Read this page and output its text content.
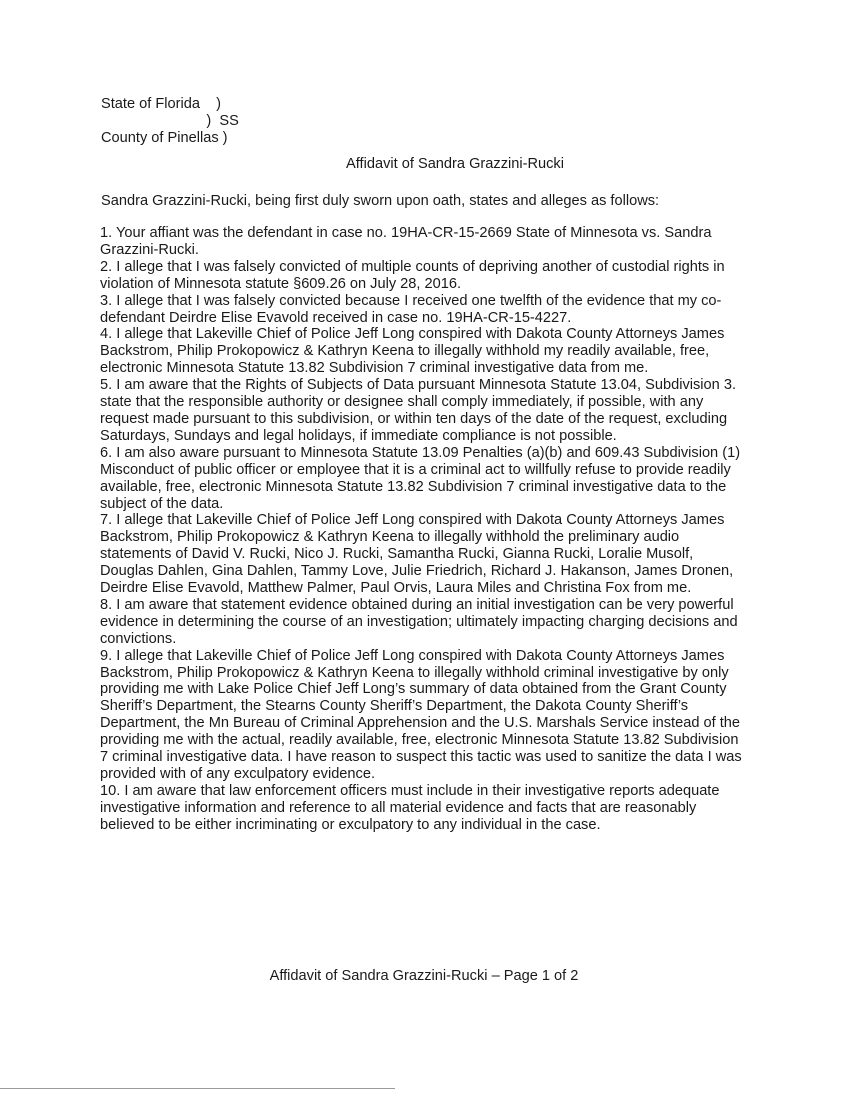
State of Florida    )
)  SS
County of Pinellas )
Affidavit of Sandra Grazzini-Rucki
Sandra Grazzini-Rucki, being first duly sworn upon oath, states and alleges as follows:

1. Your affiant was the defendant in case no. 19HA-CR-15-2669 State of Minnesota vs. Sandra Grazzini-Rucki.

2. I allege that I was falsely convicted of multiple counts of depriving another of custodial rights in violation of Minnesota statute §609.26 on July 28, 2016.

3. I allege that I was falsely convicted because I received one twelfth of the evidence that my co-defendant Deirdre Elise Evavold received in case no. 19HA-CR-15-4227.

4. I allege that Lakeville Chief of Police Jeff Long conspired with Dakota County Attorneys James Backstrom, Philip Prokopowicz & Kathryn Keena to illegally withhold my readily available, free, electronic Minnesota Statute 13.82 Subdivision 7 criminal investigative data from me.

5. I am aware that the Rights of Subjects of Data pursuant Minnesota Statute 13.04, Subdivision 3. state that the responsible authority or designee shall comply immediately, if possible, with any request made pursuant to this subdivision, or within ten days of the date of the request, excluding Saturdays, Sundays and legal holidays, if immediate compliance is not possible.

6. I am also aware pursuant to Minnesota Statute 13.09 Penalties (a)(b) and 609.43 Subdivision (1) Misconduct of public officer or employee that it is a criminal act to willfully refuse to provide readily available, free, electronic Minnesota Statute 13.82 Subdivision 7 criminal investigative data to the subject of the data.

7. I allege that Lakeville Chief of Police Jeff Long conspired with Dakota County Attorneys James Backstrom, Philip Prokopowicz & Kathryn Keena to illegally withhold the preliminary audio statements of David V. Rucki, Nico J. Rucki, Samantha Rucki, Gianna Rucki, Loralie Musolf, Douglas Dahlen, Gina Dahlen, Tammy Love, Julie Friedrich, Richard J. Hakanson, James Dronen, Deirdre Elise Evavold, Matthew Palmer, Paul Orvis, Laura Miles and Christina Fox from me.

8. I am aware that statement evidence obtained during an initial investigation can be very powerful evidence in determining the course of an investigation; ultimately impacting charging decisions and convictions.

9. I allege that Lakeville Chief of Police Jeff Long conspired with Dakota County Attorneys James Backstrom, Philip Prokopowicz & Kathryn Keena to illegally withhold criminal investigative by only providing me with Lake Police Chief Jeff Long’s summary of data obtained from the Grant County Sheriff’s Department, the Stearns County Sheriff’s Department, the Dakota County Sheriff’s Department, the Mn Bureau of Criminal Apprehension and the U.S. Marshals Service instead of the providing me with the actual, readily available, free, electronic Minnesota Statute 13.82 Subdivision 7 criminal investigative data. I have reason to suspect this tactic was used to sanitize the data I was provided with of any exculpatory evidence.

10. I am aware that law enforcement officers must include in their investigative reports adequate investigative information and reference to all material evidence and facts that are reasonably believed to be either incriminating or exculpatory to any individual in the case.

Affidavit of Sandra Grazzini-Rucki – Page 1 of 2
